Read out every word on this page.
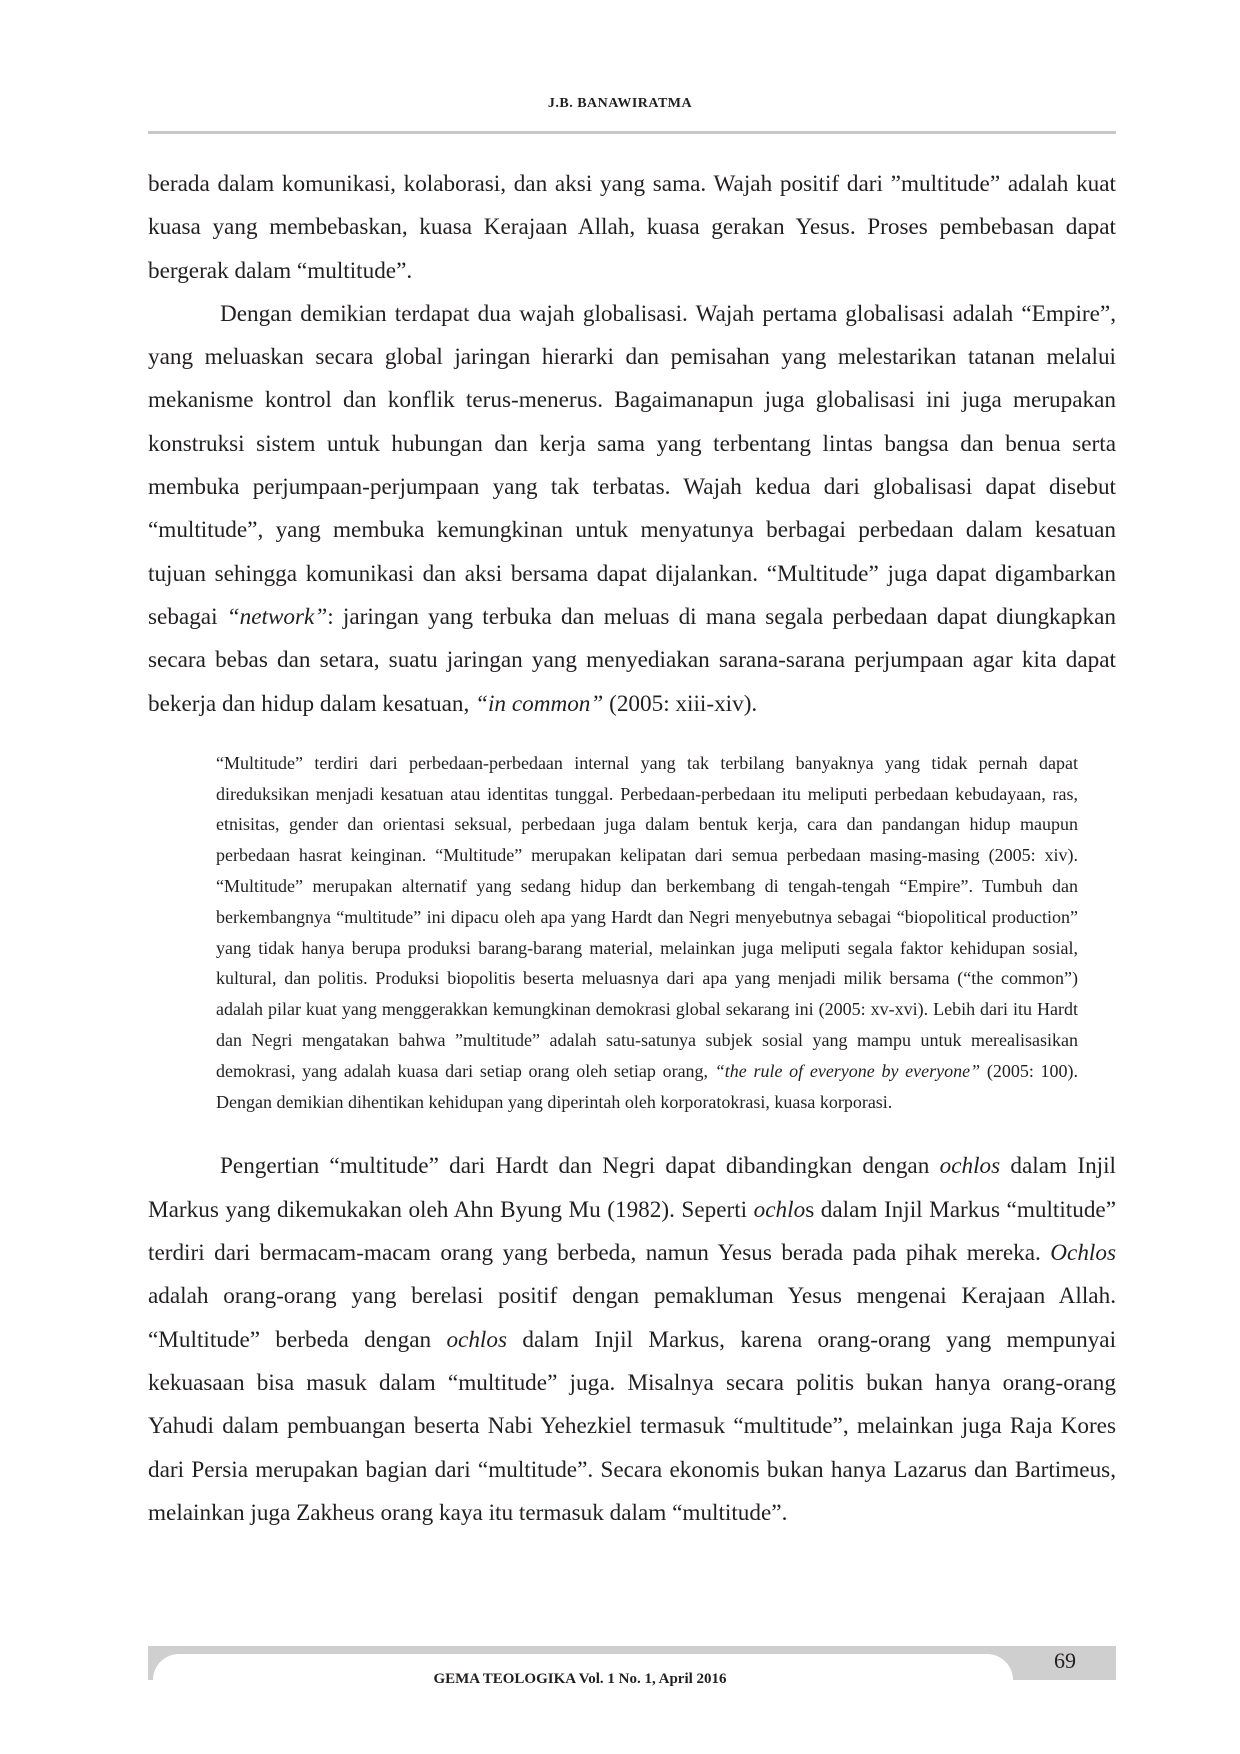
J.B. BANAWIRATMA

berada dalam komunikasi, kolaborasi, dan aksi yang sama. Wajah positif dari ”multitude” adalah kuat kuasa yang membebaskan, kuasa Kerajaan Allah, kuasa gerakan Yesus. Proses pembebasan dapat bergerak dalam “multitude”.

Dengan demikian terdapat dua wajah globalisasi. Wajah pertama globalisasi adalah “Empire”, yang meluaskan secara global jaringan hierarki dan pemisahan yang melestarikan tatanan melalui mekanisme kontrol dan konflik terus-menerus. Bagaimanapun juga globalisasi ini juga merupakan konstruksi sistem untuk hubungan dan kerja sama yang terbentang lintas bangsa dan benua serta membuka perjumpaan-perjumpaan yang tak terbatas. Wajah kedua dari globalisasi dapat disebut “multitude”, yang membuka kemungkinan untuk menyatunya berbagai perbedaan dalam kesatuan tujuan sehingga komunikasi dan aksi bersama dapat dijalankan. “Multitude” juga dapat digambarkan sebagai “network”: jaringan yang terbuka dan meluas di mana segala perbedaan dapat diungkapkan secara bebas dan setara, suatu jaringan yang menyediakan sarana-sarana perjumpaan agar kita dapat bekerja dan hidup dalam kesatuan, “in common” (2005: xiii-xiv).

“Multitude” terdiri dari perbedaan-perbedaan internal yang tak terbilang banyaknya yang tidak pernah dapat direduksikan menjadi kesatuan atau identitas tunggal. Perbedaan-perbedaan itu meliputi perbedaan kebudayaan, ras, etnisitas, gender dan orientasi seksual, perbedaan juga dalam bentuk kerja, cara dan pandangan hidup maupun perbedaan hasrat keinginan. “Multitude” merupakan kelipatan dari semua perbedaan masing-masing (2005: xiv). “Multitude” merupakan alternatif yang sedang hidup dan berkembang di tengah-tengah “Empire”. Tumbuh dan berkembangnya “multitude” ini dipacu oleh apa yang Hardt dan Negri menyebutnya sebagai “biopolitical production” yang tidak hanya berupa produksi barang-barang material, melainkan juga meliputi segala faktor kehidupan sosial, kultural, dan politis. Produksi biopolitis beserta meluasnya dari apa yang menjadi milik bersama (“the common”) adalah pilar kuat yang menggerakkan kemungkinan demokrasi global sekarang ini (2005: xv-xvi). Lebih dari itu Hardt dan Negri mengatakan bahwa ”multitude” adalah satu-satunya subjek sosial yang mampu untuk merealisasikan demokrasi, yang adalah kuasa dari setiap orang oleh setiap orang, “the rule of everyone by everyone” (2005: 100). Dengan demikian dihentikan kehidupan yang diperintah oleh korporatokrasi, kuasa korporasi.

Pengertian “multitude” dari Hardt dan Negri dapat dibandingkan dengan ochlos dalam Injil Markus yang dikemukakan oleh Ahn Byung Mu (1982). Seperti ochlos dalam Injil Markus “multitude” terdiri dari bermacam-macam orang yang berbeda, namun Yesus berada pada pihak mereka. Ochlos adalah orang-orang yang berelasi positif dengan pemakluman Yesus mengenai Kerajaan Allah. “Multitude” berbeda dengan ochlos dalam Injil Markus, karena orang-orang yang mempunyai kekuasaan bisa masuk dalam “multitude” juga. Misalnya secara politis bukan hanya orang-orang Yahudi dalam pembuangan beserta Nabi Yehezkiel termasuk “multitude”, melainkan juga Raja Kores dari Persia merupakan bagian dari “multitude”. Secara ekonomis bukan hanya Lazarus dan Bartimeus, melainkan juga Zakheus orang kaya itu termasuk dalam “multitude”.

GEMA TEOLOGIKA Vol. 1 No. 1, April 2016
69
